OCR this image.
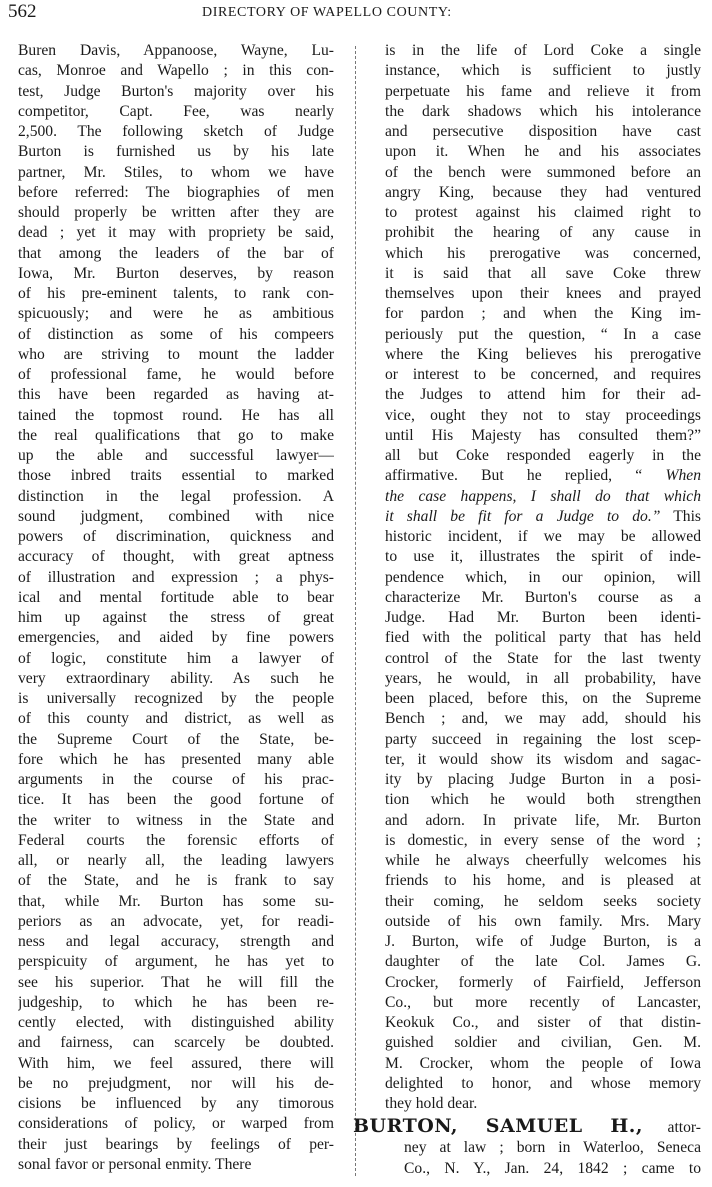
562	DIRECTORY OF WAPELLO COUNTY:
Buren Davis, Appanoose, Wayne, Lu-
cas, Monroe and Wapello ; in this con-
test, Judge Burton's majority over his
competitor, Capt. Fee, was nearly
2,500. The following sketch of Judge
Burton is furnished us by his late
partner, Mr. Stiles, to whom we have
before referred: The biographies of men
should properly be written after they are
dead ; yet it may with propriety be said,
that among the leaders of the bar of
Iowa, Mr. Burton deserves, by reason
of his pre-eminent talents, to rank con-
spicuously; and were he as ambitious
of distinction as some of his compeers
who are striving to mount the ladder
of professional fame, he would before
this have been regarded as having at-
tained the topmost round. He has all
the real qualifications that go to make
up the able and successful lawyer—
those inbred traits essential to marked
distinction in the legal profession. A
sound judgment, combined with nice
powers of discrimination, quickness and
accuracy of thought, with great aptness
of illustration and expression ; a phys-
ical and mental fortitude able to bear
him up against the stress of great
emergencies, and aided by fine powers
of logic, constitute him a lawyer of
very extraordinary ability. As such he
is universally recognized by the people
of this county and district, as well as
the Supreme Court of the State, be-
fore which he has presented many able
arguments in the course of his prac-
tice. It has been the good fortune of
the writer to witness in the State and
Federal courts the forensic efforts of
all, or nearly all, the leading lawyers
of the State, and he is frank to say
that, while Mr. Burton has some su-
periors as an advocate, yet, for readi-
ness and legal accuracy, strength and
perspicuity of argument, he has yet to
see his superior. That he will fill the
judgeship, to which he has been re-
cently elected, with distinguished ability
and fairness, can scarcely be doubted.
With him, we feel assured, there will
be no prejudgment, nor will his de-
cisions be influenced by any timorous
considerations of policy, or warped from
their just bearings by feelings of per-
sonal favor or personal enmity. There
is in the life of Lord Coke a single
instance, which is sufficient to justly
perpetuate his fame and relieve it from
the dark shadows which his intolerance
and persecutive disposition have cast
upon it. When he and his associates
of the bench were summoned before an
angry King, because they had ventured
to protest against his claimed right to
prohibit the hearing of any cause in
which his prerogative was concerned,
it is said that all save Coke threw
themselves upon their knees and prayed
for pardon ; and when the King im-
periously put the question, “ In a case
where the King believes his prerogative
or interest to be concerned, and requires
the Judges to attend him for their ad-
vice, ought they not to stay proceedings
until His Majesty has consulted them?”
all but Coke responded eagerly in the
affirmative. But he replied, “ When
the case happens, I shall do that which
it shall be fit for a Judge to do.” This
historic incident, if we may be allowed
to use it, illustrates the spirit of inde-
pendence which, in our opinion, will
characterize Mr. Burton's course as a
Judge. Had Mr. Burton been identi-
fied with the political party that has held
control of the State for the last twenty
years, he would, in all probability, have
been placed, before this, on the Supreme
Bench ; and, we may add, should his
party succeed in regaining the lost scep-
ter, it would show its wisdom and sagac-
ity by placing Judge Burton in a posi-
tion which he would both strengthen
and adorn. In private life, Mr. Burton
is domestic, in every sense of the word ;
while he always cheerfully welcomes his
friends to his home, and is pleased at
their coming, he seldom seeks society
outside of his own family. Mrs. Mary
J. Burton, wife of Judge Burton, is a
daughter of the late Col. James G.
Crocker, formerly of Fairfield, Jefferson
Co., but more recently of Lancaster,
Keokuk Co., and sister of that distin-
guished soldier and civilian, Gen. M.
M. Crocker, whom the people of Iowa
delighted to honor, and whose memory
they hold dear.
BURTON, SAMUEL H., attor-
ney at law ; born in Waterloo, Seneca
Co., N. Y., Jan. 24, 1842 ; came to
